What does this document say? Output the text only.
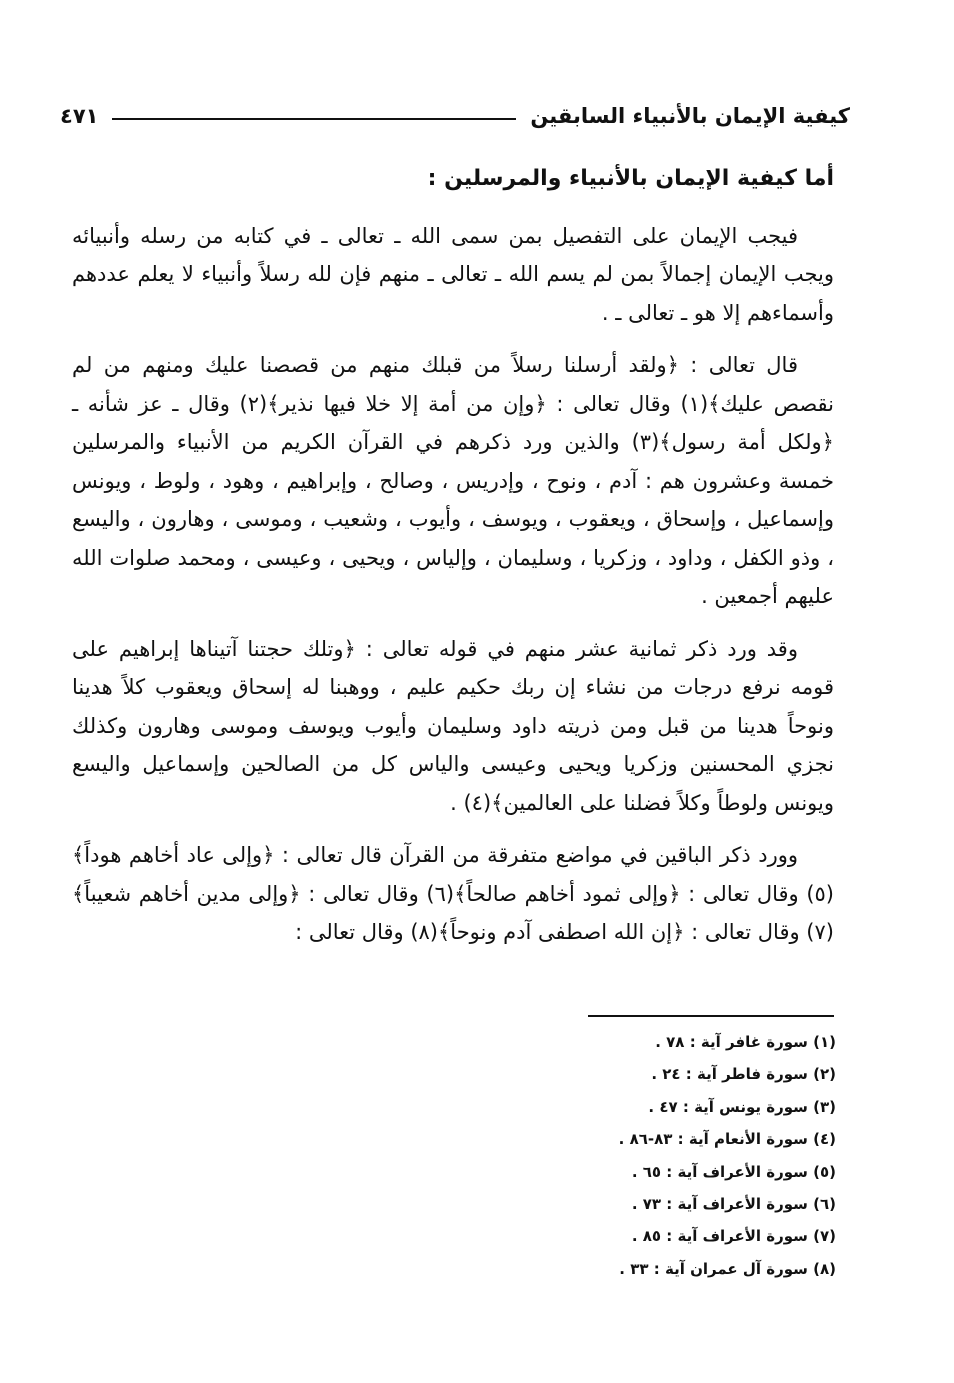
كيفية الإيمان بالأنبياء السابقين
٤٧١

أما كيفية الإيمان بالأنبياء والمرسلين :

فيجب الإيمان على التفصيل بمن سمى الله ـ تعالى ـ في كتابه من رسله وأنبيائه ويجب الإيمان إجمالاً بمن لم يسم الله ـ تعالى ـ منهم فإن لله رسلاً وأنبياء لا يعلم عددهم وأسماءهم إلا هو ـ تعالى ـ .

قال تعالى : ﴿ولقد أرسلنا رسلاً من قبلك منهم من قصصنا عليك ومنهم من لم نقصص عليك﴾(١) وقال تعالى : ﴿وإن من أمة إلا خلا فيها نذير﴾(٢) وقال ـ عز شأنه ـ ﴿ولكل أمة رسول﴾(٣) والذين ورد ذكرهم في القرآن الكريم من الأنبياء والمرسلين خمسة وعشرون هم : آدم ، ونوح ، وإدريس ، وصالح ، وإبراهيم ، وهود ، ولوط ، ويونس وإسماعيل ، وإسحاق ، ويعقوب ، ويوسف ، وأيوب ، وشعيب ، وموسى ، وهارون ، واليسع ، وذو الكفل ، وداود ، وزكريا ، وسليمان ، وإلياس ، ويحيى ، وعيسى ، ومحمد صلوات الله عليهم أجمعين .

وقد ورد ذكر ثمانية عشر منهم في قوله تعالى : ﴿وتلك حجتنا آتيناها إبراهيم على قومه نرفع درجات من نشاء إن ربك حكيم عليم ، ووهبنا له إسحاق ويعقوب كلاً هدينا ونوحاً هدينا من قبل ومن ذريته داود وسليمان وأيوب ويوسف وموسى وهارون وكذلك نجزي المحسنين وزكريا ويحيى وعيسى والياس كل من الصالحين وإسماعيل واليسع ويونس ولوطاً وكلاً فضلنا على العالمين﴾(٤) .

وورد ذكر الباقين في مواضع متفرقة من القرآن قال تعالى : ﴿وإلى عاد أخاهم هوداً﴾(٥) وقال تعالى : ﴿وإلى ثمود أخاهم صالحاً﴾(٦) وقال تعالى : ﴿وإلى مدين أخاهم شعيباً﴾(٧) وقال تعالى : ﴿إن الله اصطفى آدم ونوحاً﴾(٨) وقال تعالى :

(١) سورة غافر آية : ٧٨ .
(٢) سورة فاطر آية : ٢٤ .
(٣) سورة يونس آية : ٤٧ .
(٤) سورة الأنعام آية : ٨٣-٨٦ .
(٥) سورة الأعراف آية : ٦٥ .
(٦) سورة الأعراف آية : ٧٣ .
(٧) سورة الأعراف آية : ٨٥ .
(٨) سورة آل عمران آية : ٣٣ .
